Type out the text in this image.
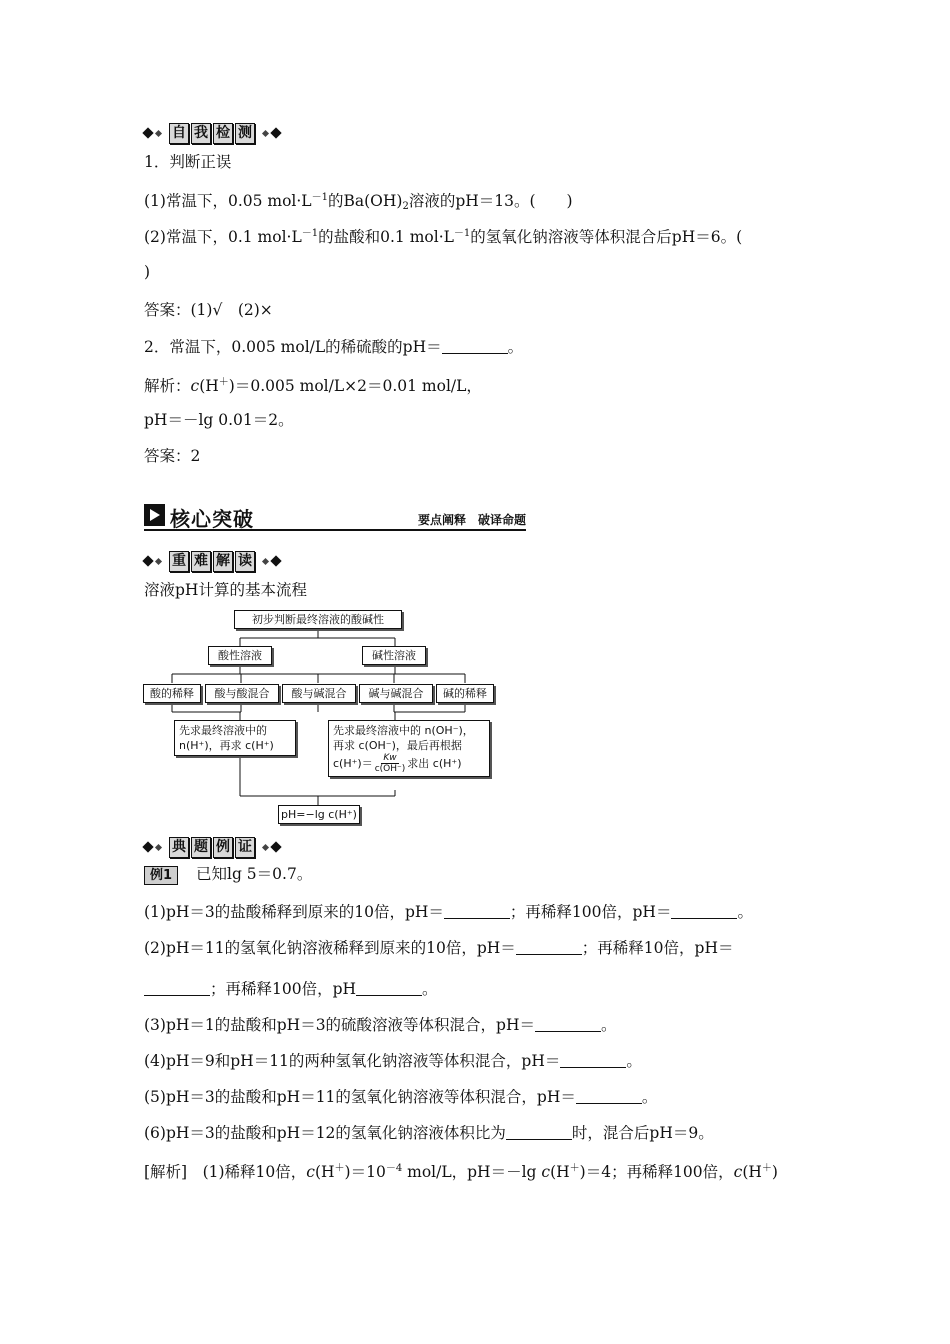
自 我 检 测
1．判断正误
(1)常温下，0.05 $mol\cdot L^{-1}$的$Ba(OH)_2$溶液的pH＝13。(　　)
(2)常温下，0.1 $mol\cdot L^{-1}$的盐酸和0.1 $mol\cdot L^{-1}$的氢氧化钠溶液等体积混合后pH＝6。(
)
答案：(1)√　(2)×
2．常温下，0.005 mol/L的稀硫酸的pH＝	。
解析：c(H＋)＝0.005 mol/L×2＝0.01 mol/L，
pH＝－lg 0.01＝2。
答案：2
核心突破	要点阐释　破译命题
重 难 解 读
溶液pH计算的基本流程
初步判断最终溶液的酸碱性
酸性溶液	碱性溶液
酸的稀释	酸与酸混合	酸与碱混合	碱与碱混合	碱的稀释
先求最终溶液中的
n(H⁺)，再求 c(H⁺)
先求最终溶液中的 n(OH⁻)，
再求 c(OH⁻)，最后再根据
c(H⁺)＝ Kw
c(OH⁻) 求出 c(H⁺)
pH=−lg c(H⁺)
典 题 例 证
例1 已知lg 5＝0.7。
(1)pH＝3的盐酸稀释到原来的10倍，pH＝	；再稀释100倍，pH＝	。
(2)pH＝11的氢氧化钠溶液稀释到原来的10倍，pH＝	；再稀释10倍，pH＝
；再稀释100倍，pH	。
(3)pH＝1的盐酸和pH＝3的硫酸溶液等体积混合，pH＝	。
(4)pH＝9和pH＝11的两种氢氧化钠溶液等体积混合，pH＝	。
(5)pH＝3的盐酸和pH＝11的氢氧化钠溶液等体积混合，pH＝	。
(6)pH＝3的盐酸和pH＝12的氢氧化钠溶液体积比为	时，混合后pH＝9。
[解析]　(1)稀释10倍，$c(H^+)=10^{-4}$ mol/L，pH＝－lg c(H＋)＝4；再稀释100倍，c(H＋)
